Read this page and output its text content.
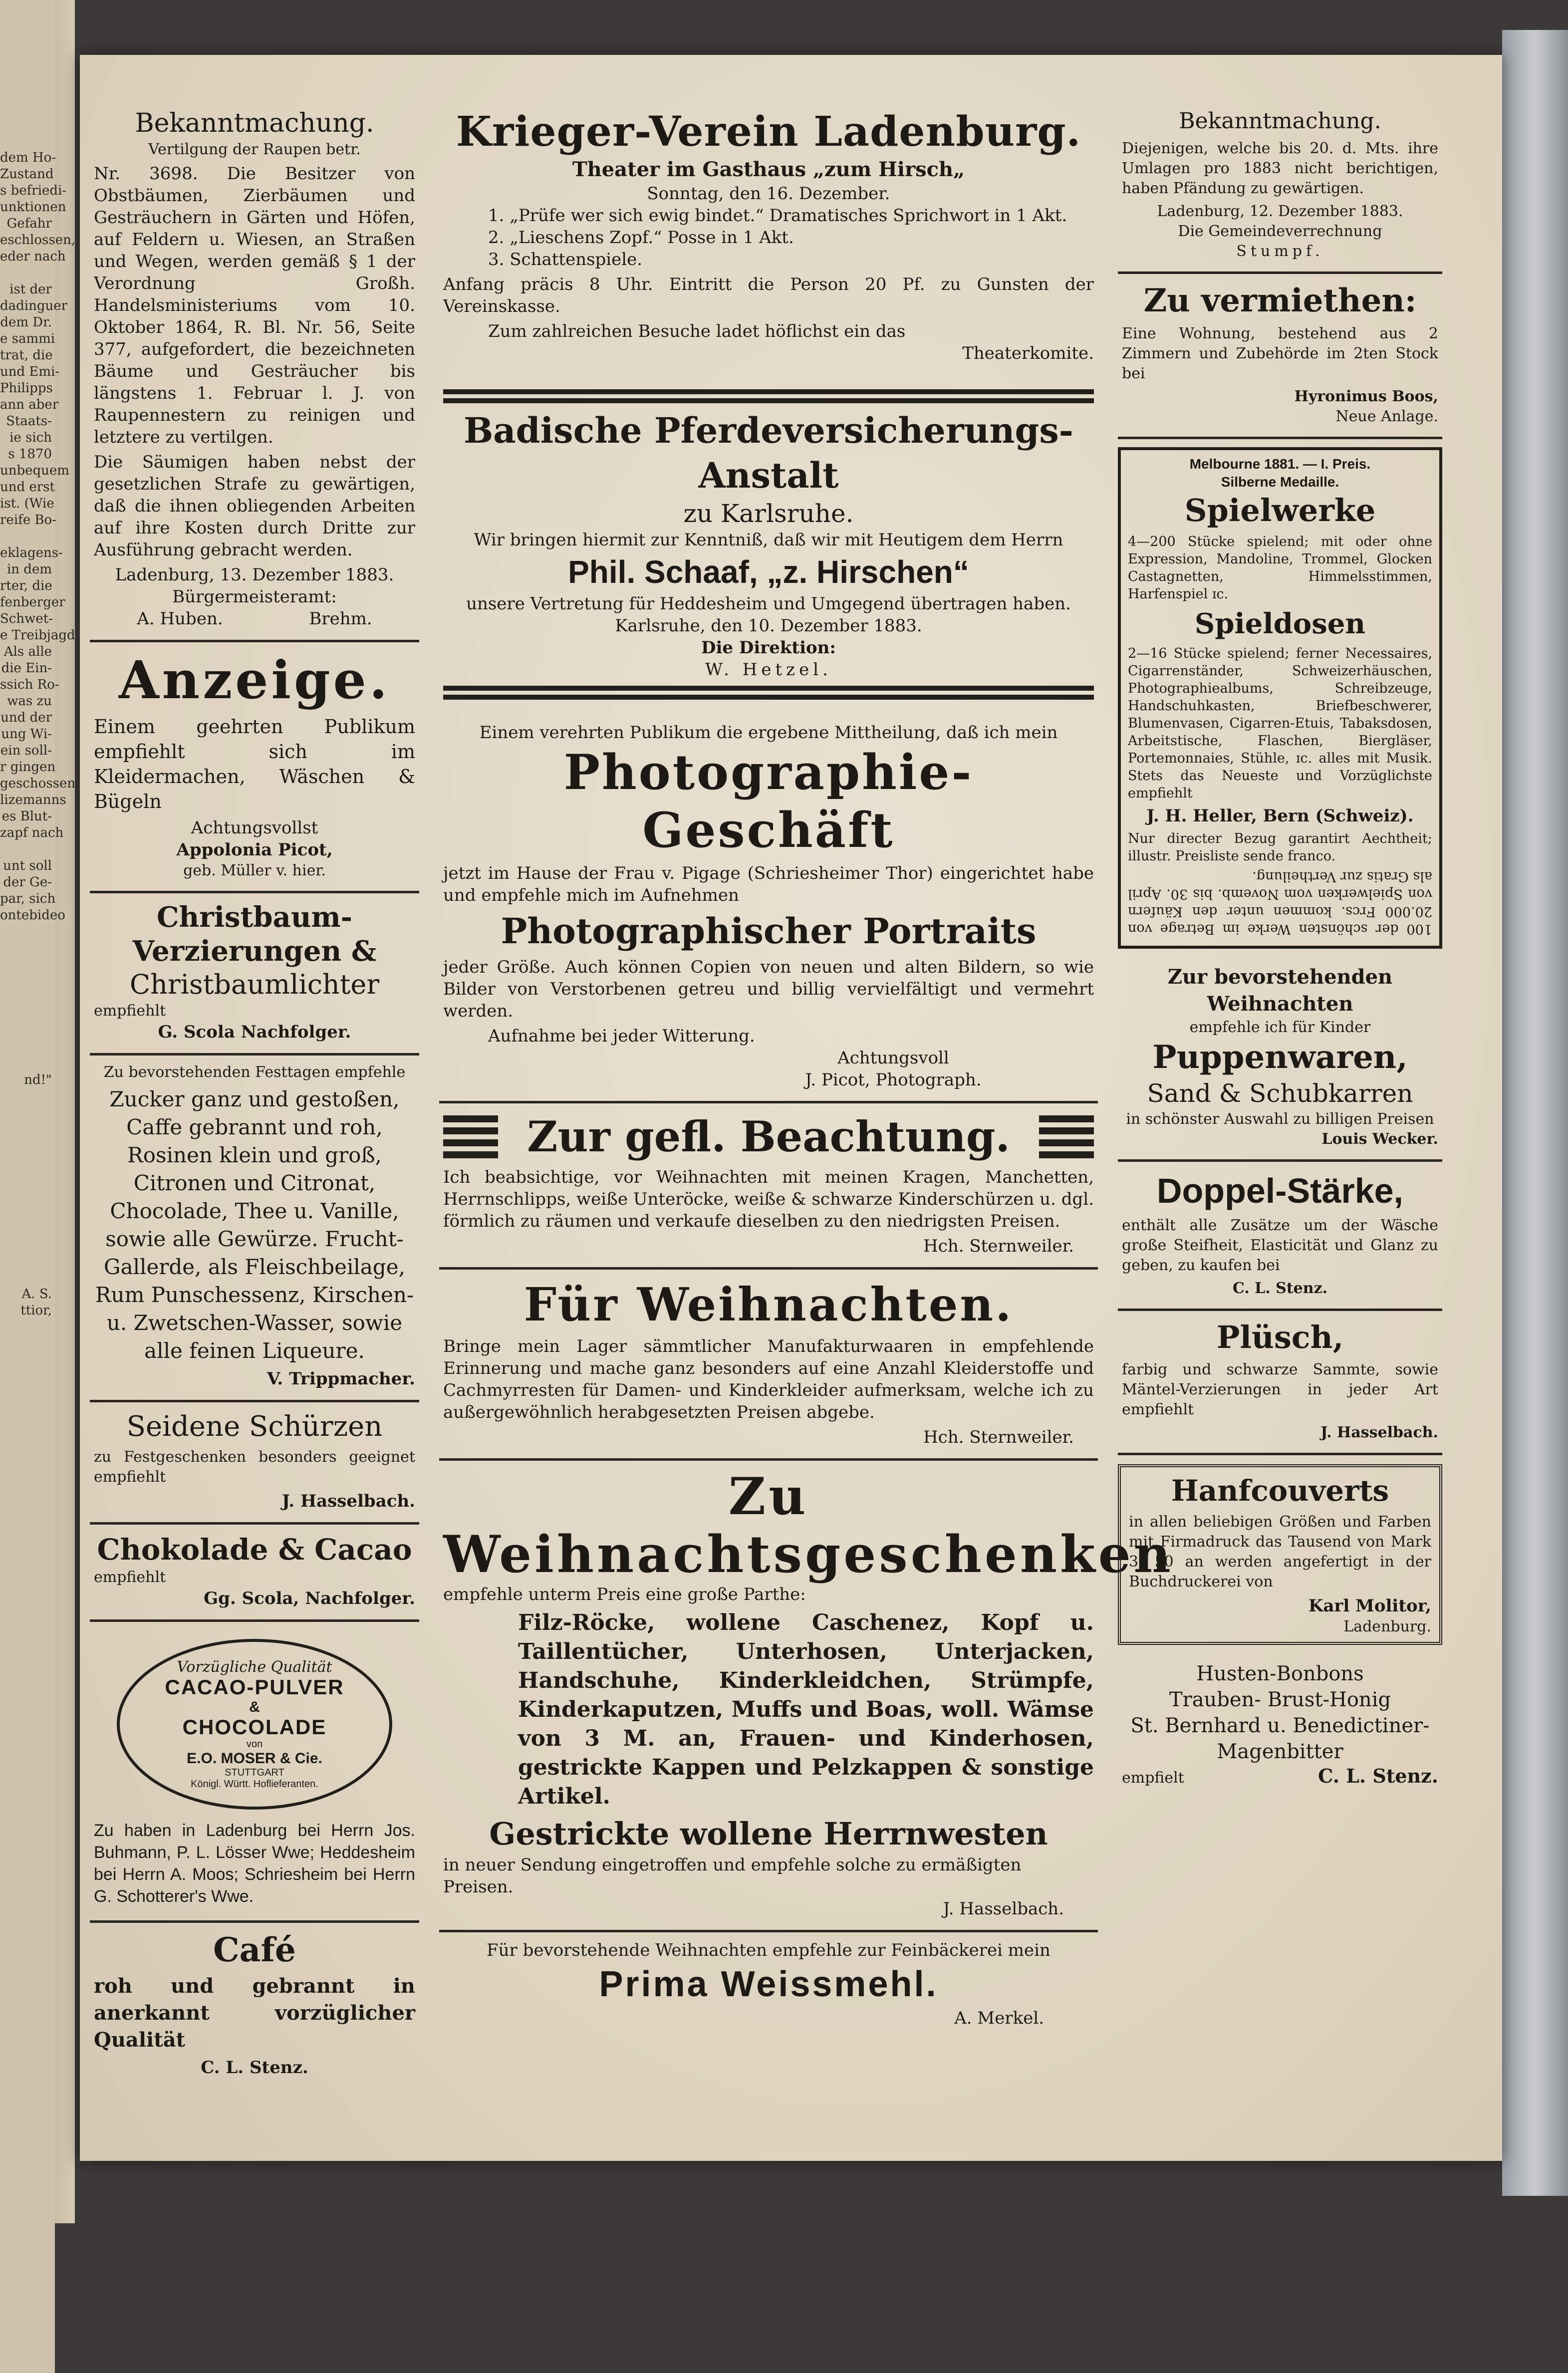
dem Ho-
Zustand
s befriedi-
unktionen
Gefahr
eschlossen,
eder nach

ist der
dadinguer
dem Dr.
e sammi
trat, die
und Emi-
Philipps
ann aber
Staats-
ie sich
s 1870
unbequem
und erst
ist. (Wie
reife Bo-

eklagens-
in dem
rter, die
fenberger
Schwet-
e Treibjagd
Als alle
die Ein-
ssich Ro-
was zu
und der
ung Wi-
ein soll-
r gingen
geschossen
lizemanns
es Blut-
zapf nach

unt soll
der Ge-
par, sich
ontebideo

nd!"

A. S.
ttior,
Bekanntmachung.
Vertilgung der Raupen betr.

Nr. 3698. Die Besitzer von Obstbäumen, Zierbäumen und Gesträuchern in Gärten und Höfen, auf Feldern u. Wiesen, an Straßen und Wegen, werden gemäß § 1 der Verordnung Großh. Handelsministeriums vom 10. Oktober 1864, R. Bl. Nr. 56, Seite 377, aufgefordert, die bezeichneten Bäume und Gesträucher bis längstens 1. Februar l. J. von Raupennestern zu reinigen und letztere zu vertilgen.

Die Säumigen haben nebst der gesetzlichen Strafe zu gewärtigen, daß die ihnen obliegenden Arbeiten auf ihre Kosten durch Dritte zur Ausführung gebracht werden.

Ladenburg, 13. Dezember 1883.
Bürgermeisteramt:
A. Huben.	Brehm.
Anzeige.

Einem geehrten Publikum empfiehlt sich im Kleidermachen, Wäschen & Bügeln

Achtungsvollst
Appolonia Picot,
geb. Müller v. hier.
Christbaum-
Verzierungen &
Christbaumlichter
empfiehlt
G. Scola Nachfolger.
Zu bevorstehenden Festtagen empfehle

Zucker ganz und gestoßen, Caffe gebrannt und roh, Rosinen klein und groß, Citronen und Citronat, Chocolade, Thee u. Vanille, sowie alle Gewürze. Frucht-Gallerde, als Fleischbeilage, Rum Punschessenz, Kirschen- u. Zwetschen-Wasser, sowie alle feinen Liqueure.

V. Trippmacher.
Seidene Schürzen

zu Festgeschenken besonders geeignet empfiehlt

J. Hasselbach.
Chokolade & Cacao
empfiehlt
Gg. Scola, Nachfolger.
Vorzügliche Qualität
CACAO-PULVER
&
CHOCOLADE
von
E.O. MOSER & Cie.
STUTTGART
Königl. Württ. Hoflieferanten.

Zu haben in Ladenburg bei Herrn Jos. Buhmann, P. L. Lösser Wwe; Heddesheim bei Herrn A. Moos; Schriesheim bei Herrn G. Schotterer's Wwe.

Café

roh und gebrannt in anerkannt vorzüglicher Qualität

C. L. Stenz.
Krieger-Verein Ladenburg.
Theater im Gasthaus „zum Hirsch„
Sonntag, den 16. Dezember.
1. „Prüfe wer sich ewig bindet.“ Dramatisches Sprichwort in 1 Akt.
2. „Lieschens Zopf.“ Posse in 1 Akt.
3. Schattenspiele.

Anfang präcis 8 Uhr. Eintritt die Person 20 Pf. zu Gunsten der Vereinskasse.

Zum zahlreichen Besuche ladet höflichst ein das
Theaterkomite.
Badische Pferdeversicherungs-Anstalt
zu Karlsruhe.
Wir bringen hiermit zur Kenntniß, daß wir mit Heutigem dem Herrn
Phil. Schaaf, „z. Hirschen“
unsere Vertretung für Heddesheim und Umgegend übertragen haben.
Karlsruhe, den 10. Dezember 1883.
Die Direktion:
W. Hetzel.
Einem verehrten Publikum die ergebene Mittheilung, daß ich mein
Photographie-Geschäft

jetzt im Hause der Frau v. Pigage (Schriesheimer Thor) eingerichtet habe und empfehle mich im Aufnehmen

Photographischer Portraits

jeder Größe. Auch können Copien von neuen und alten Bildern, so wie Bilder von Verstorbenen getreu und billig vervielfältigt und vermehrt werden.

Aufnahme bei jeder Witterung.
Achtungsvoll
J. Picot, Photograph.
Zur gefl. Beachtung.

Ich beabsichtige, vor Weihnachten mit meinen Kragen, Manchetten, Herrnschlipps, weiße Unteröcke, weiße & schwarze Kinderschürzen u. dgl. förmlich zu räumen und verkaufe dieselben zu den niedrigsten Preisen.

Hch. Sternweiler.
Für Weihnachten.

Bringe mein Lager sämmtlicher Manufakturwaaren in empfehlende Erinnerung und mache ganz besonders auf eine Anzahl Kleiderstoffe und Cachmyrresten für Damen- und Kinderkleider aufmerksam, welche ich zu außergewöhnlich herabgesetzten Preisen abgebe.

Hch. Sternweiler.
Zu Weihnachtsgeschenken
empfehle unterm Preis eine große Parthe:

Filz-Röcke, wollene Caschenez, Kopf u. Taillentücher, Unterhosen, Unterjacken, Handschuhe, Kinderkleidchen, Strümpfe, Kinderkaputzen, Muffs und Boas, woll. Wämse von 3 M. an, Frauen- und Kinderhosen, gestrickte Kappen und Pelzkappen & sonstige Artikel.

Gestrickte wollene Herrnwesten
in neuer Sendung eingetroffen und empfehle solche zu ermäßigten Preisen.
J. Hasselbach.
Für bevorstehende Weihnachten empfehle zur Feinbäckerei mein
Prima Weissmehl.
A. Merkel.
Bekanntmachung.

Diejenigen, welche bis 20. d. Mts. ihre Umlagen pro 1883 nicht berichtigen, haben Pfändung zu gewärtigen.

Ladenburg, 12. Dezember 1883.
Die Gemeindeverrechnung
Stumpf.
Zu vermiethen:

Eine Wohnung, bestehend aus 2 Zimmern und Zubehörde im 2ten Stock bei

Hyronimus Boos,
Neue Anlage.
Melbourne 1881. — I. Preis.
Silberne Medaille.
Spielwerke

4—200 Stücke spielend; mit oder ohne Expression, Mandoline, Trommel, Glocken Castagnetten, Himmelsstimmen, Harfenspiel ɪc.

Spieldosen

2—16 Stücke spielend; ferner Necessaires, Cigarrenständer, Schweizerhäuschen, Photographiealbums, Schreibzeuge, Handschuhkasten, Briefbeschwerer, Blumenvasen, Cigarren-Etuis, Tabaksdosen, Arbeitstische, Flaschen, Biergläser, Portemonnaies, Stühle, ɪc. alles mit Musik. Stets das Neueste und Vorzüglichste empfiehlt

J. H. Heller, Bern (Schweiz).

Nur directer Bezug garantirt Aechtheit; illustr. Preisliste sende franco.

100 der schönsten Werke im Betrage von 20.000 Frcs. kommen unter den Käufern von Spielwerken vom Novemb. bis 30. April als Gratis zur Vertheilung.

Zur bevorstehenden
Weihnachten
empfehle ich für Kinder
Puppenwaren,
Sand & Schubkarren
in schönster Auswahl zu billigen Preisen
Louis Wecker.
Doppel-Stärke,

enthält alle Zusätze um der Wäsche große Steifheit, Elasticität und Glanz zu geben, zu kaufen bei

C. L. Stenz.
Plüsch,

farbig und schwarze Sammte, sowie Mäntel-Verzierungen in jeder Art empfiehlt

J. Hasselbach.
Hanfcouverts

in allen beliebigen Größen und Farben mit Firmadruck das Tausend von Mark 3. 50 an werden angefertigt in der Buchdruckerei von

Karl Molitor,
Ladenburg.
Husten-Bonbons
Trauben- Brust-Honig
St. Bernhard u. Benedictiner-
Magenbitter
empfielt	C. L. Stenz.
